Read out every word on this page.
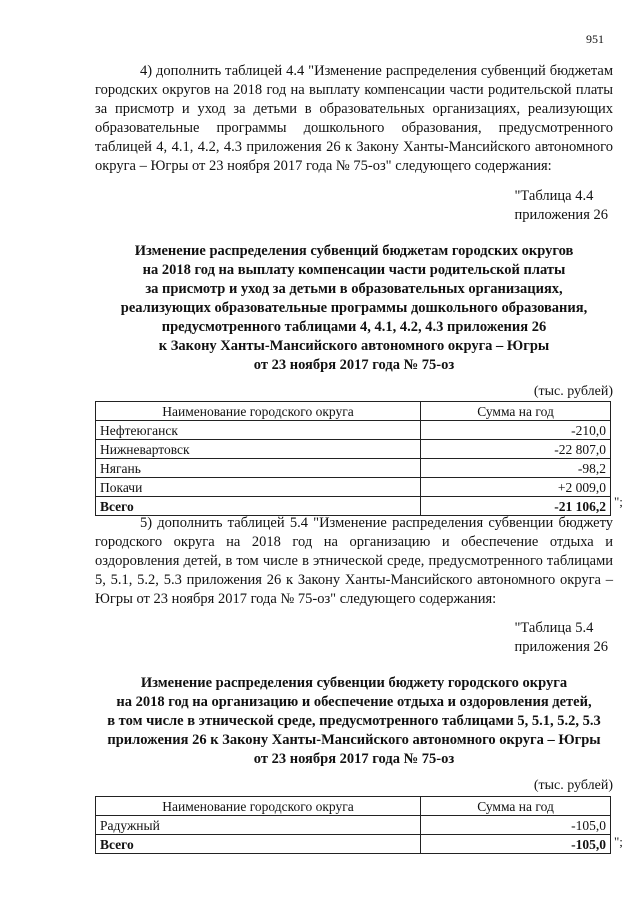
951

4) дополнить таблицей 4.4 "Изменение распределения субвенций бюджетам городских округов на 2018 год на выплату компенсации части родительской платы за присмотр и уход за детьми в образовательных организациях, реализующих образовательные программы дошкольного образования, предусмотренного таблицей 4, 4.1, 4.2, 4.3 приложения 26 к Закону Ханты-Мансийского автономного округа – Югры от 23 ноября 2017 года № 75-оз" следующего содержания:

"Таблица 4.4
приложения 26
Изменение распределения субвенций бюджетам городских округов
на 2018 год на выплату компенсации части родительской платы
за присмотр и уход за детьми в образовательных организациях,
реализующих образовательные программы дошкольного образования,
предусмотренного таблицами 4, 4.1, 4.2, 4.3 приложения 26
к Закону Ханты-Мансийского автономного округа – Югры
от 23 ноября 2017 года № 75-оз
(тыс. рублей)
Наименование городского округа	Сумма на год
Нефтеюганск	-210,0
Нижневартовск	-22 807,0
Нягань	-98,2
Покачи	+2 009,0
Всего	-21 106,2 ";

5) дополнить таблицей 5.4 "Изменение распределения субвенции бюджету городского округа на 2018 год на организацию и обеспечение отдыха и оздоровления детей, в том числе в этнической среде, предусмотренного таблицами 5, 5.1, 5.2, 5.3 приложения 26 к Закону Ханты-Мансийского автономного округа – Югры от 23 ноября 2017 года № 75-оз" следующего содержания:

"Таблица 5.4
приложения 26
Изменение распределения субвенции бюджету городского округа
на 2018 год на организацию и обеспечение отдыха и оздоровления детей,
в том числе в этнической среде, предусмотренного таблицами 5, 5.1, 5.2, 5.3
приложения 26 к Закону Ханты-Мансийского автономного округа – Югры
от 23 ноября 2017 года № 75-оз
(тыс. рублей)
Наименование городского округа	Сумма на год
Радужный	-105,0
Всего	-105,0 ";
